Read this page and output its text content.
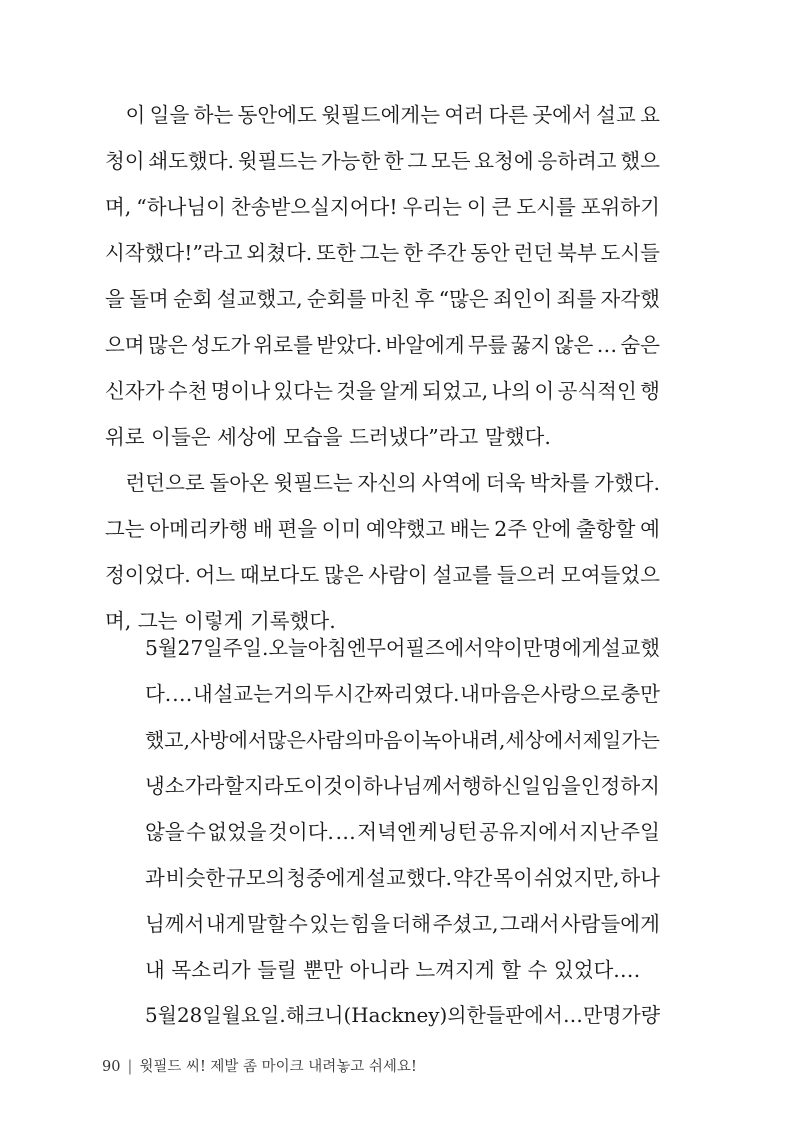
 이 일을 하는 동안에도 윗필드에게는 여러 다른 곳에서 설교 요
청이 쇄도했다. 윗필드는 가능한 한 그 모든 요청에 응하려고 했으
며, “하나님이 찬송받으실지어다! 우리는 이 큰 도시를 포위하기
시작했다!”라고 외쳤다. 또한 그는 한 주간 동안 런던 북부 도시들
을 돌며 순회 설교했고, 순회를 마친 후 “많은 죄인이 죄를 자각했
으며 많은 성도가 위로를 받았다. 바알에게 무릎 꿇지 않은 … 숨은
신자가 수천 명이나 있다는 것을 알게 되었고, 나의 이 공식적인 행
위로 이들은 세상에 모습을 드러냈다”라고 말했다.
 런던으로 돌아온 윗필드는 자신의 사역에 더욱 박차를 가했다.
그는 아메리카행 배 편을 이미 예약했고 배는 2주 안에 출항할 예
정이었다. 어느 때보다도 많은 사람이 설교를 들으러 모여들었으
며, 그는 이렇게 기록했다.
5월 27일 주일. 오늘 아침엔 무어필즈에서 약 이만 명에게 설교했
다. … 내 설교는 거의 두 시간짜리였다. 내 마음은 사랑으로 충만
했고, 사방에서 많은 사람의 마음이 녹아내려, 세상에서 제일가는
냉소가라 할지라도 이것이 하나님께서 행하신 일임을 인정하지
않을 수 없었을 것이다. … 저녁엔 케닝턴 공유지에서 지난 주일
과 비슷한 규모의 청중에게 설교했다. 약간 목이 쉬었지만, 하나
님께서 내게 말할 수 있는 힘을 더해 주셨고, 그래서 사람들에게
내 목소리가 들릴 뿐만 아니라 느껴지게 할 수 있었다.…
5월 28일 월요일. 해크니(Hackney)의 한 들판에서 … 만 명가량
90 | 윗필드 씨! 제발 좀 마이크 내려놓고 쉬세요!
